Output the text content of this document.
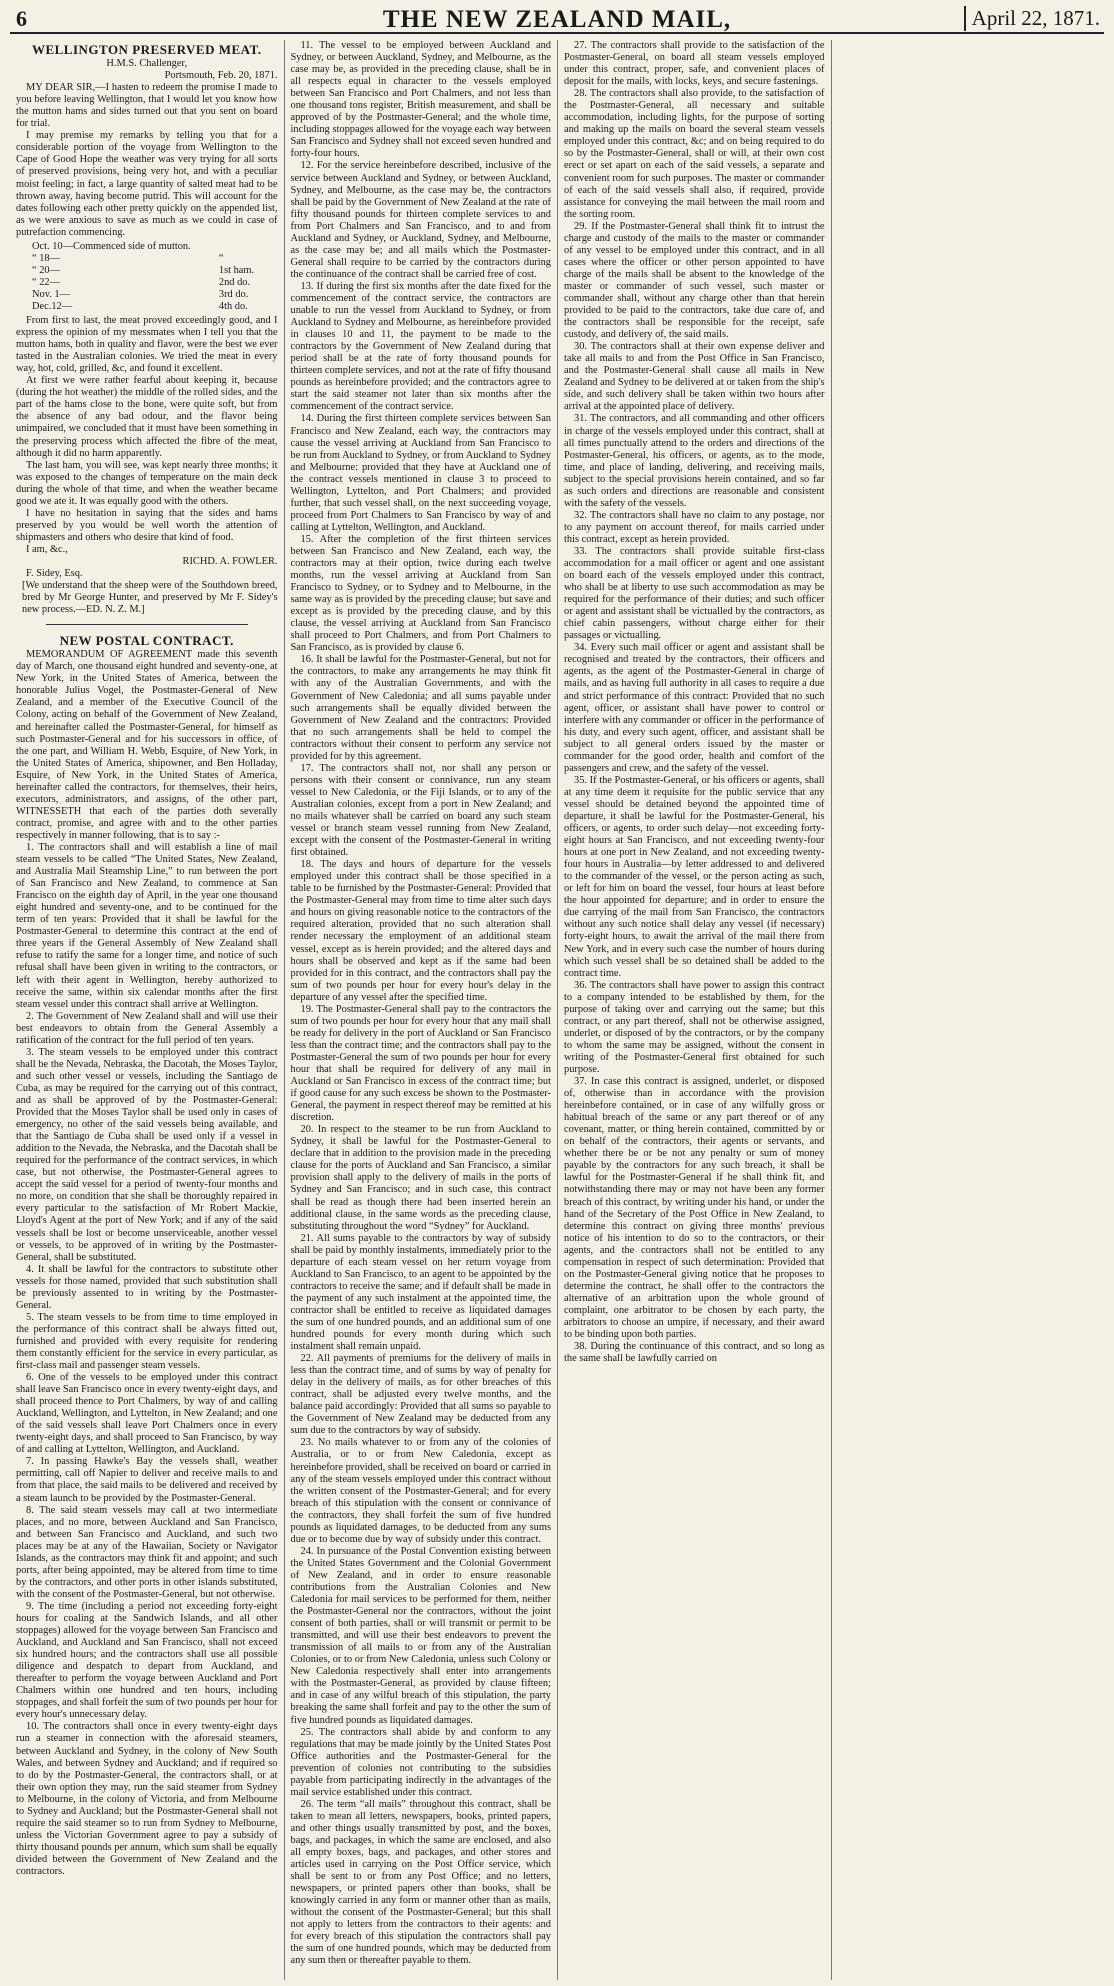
6	THE NEW ZEALAND MAIL,	April 22, 1871.
WELLINGTON PRESERVED MEAT.

H.M.S. Challenger,

Portsmouth, Feb. 20, 1871.

MY DEAR SIR,—I hasten to redeem the promise I made to you before leaving Wellington, that I would let you know how the mutton hams and sides turned out that you sent on board for trial.

I may premise my remarks by telling you that for a considerable portion of the voyage from Wellington to the Cape of Good Hope the weather was very trying for all sorts of preserved provisions, being very hot, and with a peculiar moist feeling; in fact, a large quantity of salted meat had to be thrown away, having become putrid. This will account for the dates following each other pretty quickly on the appended list, as we were anxious to save as much as we could in case of putrefaction commencing.

Oct. 10—Commenced side of mutton.	
“ 18—	“
“ 20—	1st ham.
“ 22—	2nd do.
Nov. 1—	3rd do.
Dec.12—	4th do.

From first to last, the meat proved exceedingly good, and I express the opinion of my messmates when I tell you that the mutton hams, both in quality and flavor, were the best we ever tasted in the Australian colonies. We tried the meat in every way, hot, cold, grilled, &c, and found it excellent.

At first we were rather fearful about keeping it, because (during the hot weather) the middle of the rolled sides, and the part of the hams close to the bone, were quite soft, but from the absence of any bad odour, and the flavor being unimpaired, we concluded that it must have been something in the preserving process which affected the fibre of the meat, although it did no harm apparently.

The last ham, you will see, was kept nearly three months; it was exposed to the changes of temperature on the main deck during the whole of that time, and when the weather became good we ate it. It was equally good with the others.

I have no hesitation in saying that the sides and hams preserved by you would be well worth the attention of shipmasters and others who desire that kind of food.

I am, &c.,

RICHD. A. FOWLER.

F. Sidey, Esq.

[We understand that the sheep were of the Southdown breed, bred by Mr George Hunter, and preserved by Mr F. Sidey's new process.—ED. N. Z. M.]

NEW POSTAL CONTRACT.

MEMORANDUM OF AGREEMENT made this seventh day of March, one thousand eight hundred and seventy-one, at New York, in the United States of America, between the honorable Julius Vogel, the Postmaster-General of New Zealand, and a member of the Executive Council of the Colony, acting on behalf of the Government of New Zealand, and hereinafter called the Postmaster-General, for himself as such Postmaster-General and for his successors in office, of the one part, and William H. Webb, Esquire, of New York, in the United States of America, shipowner, and Ben Holladay, Esquire, of New York, in the United States of America, hereinafter called the contractors, for themselves, their heirs, executors, administrators, and assigns, of the other part, WITNESSETH that each of the parties doth severally contract, promise, and agree with and to the other parties respectively in manner following, that is to say :-

1. The contractors shall and will establish a line of mail steam vessels to be called “The United States, New Zealand, and Australia Mail Steamship Line,” to run between the port of San Francisco and New Zealand, to commence at San Francisco on the eighth day of April, in the year one thousand eight hundred and seventy-one, and to be continued for the term of ten years: Provided that it shall be lawful for the Postmaster-General to determine this contract at the end of three years if the General Assembly of New Zealand shall refuse to ratify the same for a longer time, and notice of such refusal shall have been given in writing to the contractors, or left with their agent in Wellington, hereby authorized to receive the same, within six calendar months after the first steam vessel under this contract shall arrive at Wellington.

2. The Government of New Zealand shall and will use their best endeavors to obtain from the General Assembly a ratification of the contract for the full period of ten years.

3. The steam vessels to be employed under this contract shall be the Nevada, Nebraska, the Dacotah, the Moses Taylor, and such other vessel or vessels, including the Santiago de Cuba, as may be required for the carrying out of this contract, and as shall be approved of by the Postmaster-General: Provided that the Moses Taylor shall be used only in cases of emergency, no other of the said vessels being available, and that the Santiago de Cuba shall be used only if a vessel in addition to the Nevada, the Nebraska, and the Dacotah shall be required for the performance of the contract services, in which case, but not otherwise, the Postmaster-General agrees to accept the said vessel for a period of twenty-four months and no more, on condition that she shall be thoroughly repaired in every particular to the satisfaction of Mr Robert Mackie, Lloyd's Agent at the port of New York; and if any of the said vessels shall be lost or become unserviceable, another vessel or vessels, to be approved of in writing by the Postmaster-General, shall be substituted.

4. It shall be lawful for the contractors to substitute other vessels for those named, provided that such substitution shall be previously assented to in writing by the Postmaster-General.

5. The steam vessels to be from time to time employed in the performance of this contract shall be always fitted out, furnished and provided with every requisite for rendering them constantly efficient for the service in every particular, as first-class mail and passenger steam vessels.

6. One of the vessels to be employed under this contract shall leave San Francisco once in every twenty-eight days, and shall proceed thence to Port Chalmers, by way of and calling Auckland, Wellington, and Lyttelton, in New Zealand; and one of the said vessels shall leave Port Chalmers once in every twenty-eight days, and shall proceed to San Francisco, by way of and calling at Lyttelton, Wellington, and Auckland.

7. In passing Hawke's Bay the vessels shall, weather permitting, call off Napier to deliver and receive mails to and from that place, the said mails to be delivered and received by a steam launch to be provided by the Postmaster-General.

8. The said steam vessels may call at two intermediate places, and no more, between Auckland and San Francisco, and between San Francisco and Auckland, and such two places may be at any of the Hawaiian, Society or Navigator Islands, as the contractors may think fit and appoint; and such ports, after being appointed, may be altered from time to time by the contractors, and other ports in other islands substituted, with the consent of the Postmaster-General, but not otherwise.

9. The time (including a period not exceeding forty-eight hours for coaling at the Sandwich Islands, and all other stoppages) allowed for the voyage between San Francisco and Auckland, and Auckland and San Francisco, shall not exceed six hundred hours; and the contractors shall use all possible diligence and despatch to depart from Auckland, and thereafter to perform the voyage between Auckland and Port Chalmers within one hundred and ten hours, including stoppages, and shall forfeit the sum of two pounds per hour for every hour's unnecessary delay.

10. The contractors shall once in every twenty-eight days run a steamer in connection with the aforesaid steamers, between Auckland and Sydney, in the colony of New South Wales, and between Sydney and Auckland; and if required so to do by the Postmaster-General, the contractors shall, or at their own option they may, run the said steamer from Sydney to Melbourne, in the colony of Victoria, and from Melbourne to Sydney and Auckland; but the Postmaster-General shall not require the said steamer so to run from Sydney to Melbourne, unless the Victorian Government agree to pay a subsidy of thirty thousand pounds per annum, which sum shall be equally divided between the Government of New Zealand and the contractors.

11. The vessel to be employed between Auckland and Sydney, or between Auckland, Sydney, and Melbourne, as the case may be, as provided in the preceding clause, shall be in all respects equal in character to the vessels employed between San Francisco and Port Chalmers, and not less than one thousand tons register, British measurement, and shall be approved of by the Postmaster-General; and the whole time, including stoppages allowed for the voyage each way between San Francisco and Sydney shall not exceed seven hundred and forty-four hours.

12. For the service hereinbefore described, inclusive of the service between Auckland and Sydney, or between Auckland, Sydney, and Melbourne, as the case may be, the contractors shall be paid by the Government of New Zealand at the rate of fifty thousand pounds for thirteen complete services to and from Port Chalmers and San Francisco, and to and from Auckland and Sydney, or Auckland, Sydney, and Melbourne, as the case may be; and all mails which the Postmaster-General shall require to be carried by the contractors during the continuance of the contract shall be carried free of cost.

13. If during the first six months after the date fixed for the commencement of the contract service, the contractors are unable to run the vessel from Auckland to Sydney, or from Auckland to Sydney and Melbourne, as hereinbefore provided in clauses 10 and 11, the payment to be made to the contractors by the Government of New Zealand during that period shall be at the rate of forty thousand pounds for thirteen complete services, and not at the rate of fifty thousand pounds as hereinbefore provided; and the contractors agree to start the said steamer not later than six months after the commencement of the contract service.

14. During the first thirteen complete services between San Francisco and New Zealand, each way, the contractors may cause the vessel arriving at Auckland from San Francisco to be run from Auckland to Sydney, or from Auckland to Sydney and Melbourne: provided that they have at Auckland one of the contract vessels mentioned in clause 3 to proceed to Wellington, Lyttelton, and Port Chalmers; and provided further, that such vessel shall, on the next succeeding voyage, proceed from Port Chalmers to San Francisco by way of and calling at Lyttelton, Wellington, and Auckland.

15. After the completion of the first thirteen services between San Francisco and New Zealand, each way, the contractors may at their option, twice during each twelve months, run the vessel arriving at Auckland from San Francisco to Sydney, or to Sydney and to Melbourne, in the same way as is provided by the preceding clause; but save and except as is provided by the preceding clause, and by this clause, the vessel arriving at Auckland from San Francisco shall proceed to Port Chalmers, and from Port Chalmers to San Francisco, as is provided by clause 6.

16. It shall be lawful for the Postmaster-General, but not for the contractors, to make any arrangements he may think fit with any of the Australian Governments, and with the Government of New Caledonia; and all sums payable under such arrangements shall be equally divided between the Government of New Zealand and the contractors: Provided that no such arrangements shall be held to compel the contractors without their consent to perform any service not provided for by this agreement.

17. The contractors shall not, nor shall any person or persons with their consent or connivance, run any steam vessel to New Caledonia, or the Fiji Islands, or to any of the Australian colonies, except from a port in New Zealand; and no mails whatever shall be carried on board any such steam vessel or branch steam vessel running from New Zealand, except with the consent of the Postmaster-General in writing first obtained.

18. The days and hours of departure for the vessels employed under this contract shall be those specified in a table to be furnished by the Postmaster-General: Provided that the Postmaster-General may from time to time alter such days and hours on giving reasonable notice to the contractors of the required alteration, provided that no such alteration shall render necessary the employment of an additional steam vessel, except as is herein provided; and the altered days and hours shall be observed and kept as if the same had been provided for in this contract, and the contractors shall pay the sum of two pounds per hour for every hour's delay in the departure of any vessel after the specified time.

19. The Postmaster-General shall pay to the contractors the sum of two pounds per hour for every hour that any mail shall be ready for delivery in the port of Auckland or San Francisco less than the contract time; and the contractors shall pay to the Postmaster-General the sum of two pounds per hour for every hour that shall be required for delivery of any mail in Auckland or San Francisco in excess of the contract time; but if good cause for any such excess be shown to the Postmaster-General, the payment in respect thereof may be remitted at his discretion.

20. In respect to the steamer to be run from Auckland to Sydney, it shall be lawful for the Postmaster-General to declare that in addition to the provision made in the preceding clause for the ports of Auckland and San Francisco, a similar provision shall apply to the delivery of mails in the ports of Sydney and San Francisco; and in such case, this contract shall be read as though there had been inserted herein an additional clause, in the same words as the preceding clause, substituting throughout the word “Sydney” for Auckland.

21. All sums payable to the contractors by way of subsidy shall be paid by monthly instalments, immediately prior to the departure of each steam vessel on her return voyage from Auckland to San Francisco, to an agent to be appointed by the contractors to receive the same; and if default shall be made in the payment of any such instalment at the appointed time, the contractor shall be entitled to receive as liquidated damages the sum of one hundred pounds, and an additional sum of one hundred pounds for every month during which such instalment shall remain unpaid.

22. All payments of premiums for the delivery of mails in less than the contract time, and of sums by way of penalty for delay in the delivery of mails, as for other breaches of this contract, shall be adjusted every twelve months, and the balance paid accordingly: Provided that all sums so payable to the Government of New Zealand may be deducted from any sum due to the contractors by way of subsidy.

23. No mails whatever to or from any of the colonies of Australia, or to or from New Caledonia, except as hereinbefore provided, shall be received on board or carried in any of the steam vessels employed under this contract without the written consent of the Postmaster-General; and for every breach of this stipulation with the consent or connivance of the contractors, they shall forfeit the sum of five hundred pounds as liquidated damages, to be deducted from any sums due or to become due by way of subsidy under this contract.

24. In pursuance of the Postal Convention existing between the United States Government and the Colonial Government of New Zealand, and in order to ensure reasonable contributions from the Australian Colonies and New Caledonia for mail services to be performed for them, neither the Postmaster-General nor the contractors, without the joint consent of both parties, shall or will transmit or permit to be transmitted, and will use their best endeavors to prevent the transmission of all mails to or from any of the Australian Colonies, or to or from New Caledonia, unless such Colony or New Caledonia respectively shall enter into arrangements with the Postmaster-General, as provided by clause fifteen; and in case of any wilful breach of this stipulation, the party breaking the same shall forfeit and pay to the other the sum of five hundred pounds as liquidated damages.

25. The contractors shall abide by and conform to any regulations that may be made jointly by the United States Post Office authorities and the Postmaster-General for the prevention of colonies not contributing to the subsidies payable from participating indirectly in the advantages of the mail service established under this contract.

26. The term “all mails” throughout this contract, shall be taken to mean all letters, newspapers, books, printed papers, and other things usually transmitted by post, and the boxes, bags, and packages, in which the same are enclosed, and also all empty boxes, bags, and packages, and other stores and articles used in carrying on the Post Office service, which shall be sent to or from any Post Office; and no letters, newspapers, or printed papers other than books, shall be knowingly carried in any form or manner other than as mails, without the consent of the Postmaster-General; but this shall not apply to letters from the contractors to their agents: and for every breach of this stipulation the contractors shall pay the sum of one hundred pounds, which may be deducted from any sum then or thereafter payable to them.

27. The contractors shall provide to the satisfaction of the Postmaster-General, on board all steam vessels employed under this contract, proper, safe, and convenient places of deposit for the mails, with locks, keys, and secure fastenings.

28. The contractors shall also provide, to the satisfaction of the Postmaster-General, all necessary and suitable accommodation, including lights, for the purpose of sorting and making up the mails on board the several steam vessels employed under this contract, &c; and on being required to do so by the Postmaster-General, shall or will, at their own cost erect or set apart on each of the said vessels, a separate and convenient room for such purposes. The master or commander of each of the said vessels shall also, if required, provide assistance for conveying the mail between the mail room and the sorting room.

29. If the Postmaster-General shall think fit to intrust the charge and custody of the mails to the master or commander of any vessel to be employed under this contract, and in all cases where the officer or other person appointed to have charge of the mails shall be absent to the knowledge of the master or commander of such vessel, such master or commander shall, without any charge other than that herein provided to be paid to the contractors, take due care of, and the contractors shall be responsible for the receipt, safe custody, and delivery of, the said mails.

30. The contractors shall at their own expense deliver and take all mails to and from the Post Office in San Francisco, and the Postmaster-General shall cause all mails in New Zealand and Sydney to be delivered at or taken from the ship's side, and such delivery shall be taken within two hours after arrival at the appointed place of delivery.

31. The contractors, and all commanding and other officers in charge of the vessels employed under this contract, shall at all times punctually attend to the orders and directions of the Postmaster-General, his officers, or agents, as to the mode, time, and place of landing, delivering, and receiving mails, subject to the special provisions herein contained, and so far as such orders and directions are reasonable and consistent with the safety of the vessels.

32. The contractors shall have no claim to any postage, nor to any payment on account thereof, for mails carried under this contract, except as herein provided.

33. The contractors shall provide suitable first-class accommodation for a mail officer or agent and one assistant on board each of the vessels employed under this contract, who shall be at liberty to use such accommodation as may be required for the performance of their duties; and such officer or agent and assistant shall be victualled by the contractors, as chief cabin passengers, without charge either for their passages or victualling.

34. Every such mail officer or agent and assistant shall be recognised and treated by the contractors, their officers and agents, as the agent of the Postmaster-General in charge of mails, and as having full authority in all cases to require a due and strict performance of this contract: Provided that no such agent, officer, or assistant shall have power to control or interfere with any commander or officer in the performance of his duty, and every such agent, officer, and assistant shall be subject to all general orders issued by the master or commander for the good order, health and comfort of the passengers and crew, and the safety of the vessel.

35. If the Postmaster-General, or his officers or agents, shall at any time deem it requisite for the public service that any vessel should be detained beyond the appointed time of departure, it shall be lawful for the Postmaster-General, his officers, or agents, to order such delay—not exceeding forty-eight hours at San Francisco, and not exceeding twenty-four hours at one port in New Zealand, and not exceeding twenty-four hours in Australia—by letter addressed to and delivered to the commander of the vessel, or the person acting as such, or left for him on board the vessel, four hours at least before the hour appointed for departure; and in order to ensure the due carrying of the mail from San Francisco, the contractors without any such notice shall delay any vessel (if necessary) forty-eight hours, to await the arrival of the mail there from New York, and in every such case the number of hours during which such vessel shall be so detained shall be added to the contract time.

36. The contractors shall have power to assign this contract to a company intended to be established by them, for the purpose of taking over and carrying out the same; but this contract, or any part thereof, shall not be otherwise assigned, underlet, or disposed of by the contractors, or by the company to whom the same may be assigned, without the consent in writing of the Postmaster-General first obtained for such purpose.

37. In case this contract is assigned, underlet, or disposed of, otherwise than in accordance with the provision hereinbefore contained, or in case of any wilfully gross or habitual breach of the same or any part thereof or of any covenant, matter, or thing herein contained, committed by or on behalf of the contractors, their agents or servants, and whether there be or be not any penalty or sum of money payable by the contractors for any such breach, it shall be lawful for the Postmaster-General if he shall think fit, and notwithstanding there may or may not have been any former breach of this contract, by writing under his hand, or under the hand of the Secretary of the Post Office in New Zealand, to determine this contract on giving three months' previous notice of his intention to do so to the contractors, or their agents, and the contractors shall not be entitled to any compensation in respect of such determination: Provided that on the Postmaster-General giving notice that he proposes to determine the contract, he shall offer to the contractors the alternative of an arbitration upon the whole ground of complaint, one arbitrator to be chosen by each party, the arbitrators to choose an umpire, if necessary, and their award to be binding upon both parties.

38. During the continuance of this contract, and so long as the same shall be lawfully carried on
